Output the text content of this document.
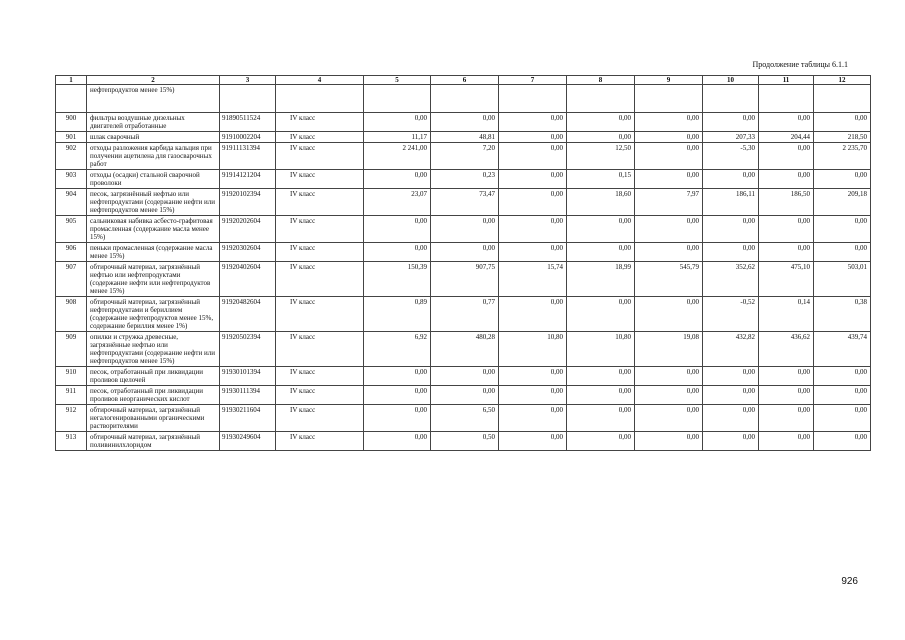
Продолжение таблицы 6.1.1
1	2	3	4	5	6	7	8	9	10	11	12
	нефтепродуктов менее 15%)										
900	фильтры воздушные дизельных двигателей отработанные	91890511524	IV класс	0,00	0,00	0,00	0,00	0,00	0,00	0,00	0,00
901	шлак сварочный	91910002204	IV класс	11,17	48,81	0,00	0,00	0,00	207,33	204,44	218,50
902	отходы разложения карбида кальция при получении ацетилена для газосварочных работ	91911131394	IV класс	2 241,00	7,20	0,00	12,50	0,00	-5,30	0,00	2 235,70
903	отходы (осадки) стальной сварочной проволоки	91914121204	IV класс	0,00	0,23	0,00	0,15	0,00	0,00	0,00	0,00
904	песок, загрязнённый нефтью или нефтепродуктами (содержание нефти или нефтепродуктов менее 15%)	91920102394	IV класс	23,07	73,47	0,00	18,60	7,97	186,11	186,50	209,18
905	сальниковая набивка асбесто-графитовая промасленная (содержание масла менее 15%)	91920202604	IV класс	0,00	0,00	0,00	0,00	0,00	0,00	0,00	0,00
906	пеньки промасленная (содержание масла менее 15%)	91920302604	IV класс	0,00	0,00	0,00	0,00	0,00	0,00	0,00	0,00
907	обтирочный материал, загрязнённый нефтью или нефтепродуктами (содержание нефти или нефтепродуктов менее 15%)	91920402604	IV класс	150,39	907,75	15,74	18,99	545,79	352,62	475,10	503,01
908	обтирочный материал, загрязнённый нефтепродуктами и бериллием (содержание нефтепродуктов менее 15%, содержание бериллия менее 1%)	91920482604	IV класс	0,89	0,77	0,00	0,00	0,00	-0,52	0,14	0,38
909	опилки и стружка древесные, загрязнённые нефтью или нефтепродуктами (содержание нефти или нефтепродуктов менее 15%)	91920502394	IV класс	6,92	480,28	10,80	10,80	19,08	432,82	436,62	439,74
910	песок, отработанный при ликвидации проливов щелочей	91930101394	IV класс	0,00	0,00	0,00	0,00	0,00	0,00	0,00	0,00
911	песок, отработанный при ликвидации проливов неорганических кислот	91930111394	IV класс	0,00	0,00	0,00	0,00	0,00	0,00	0,00	0,00
912	обтирочный материал, загрязнённый негалогенированными органическими растворителями	91930211604	IV класс	0,00	6,50	0,00	0,00	0,00	0,00	0,00	0,00
913	обтирочный материал, загрязнённый поливинилхлоридом	91930249604	IV класс	0,00	0,50	0,00	0,00	0,00	0,00	0,00	0,00
926
